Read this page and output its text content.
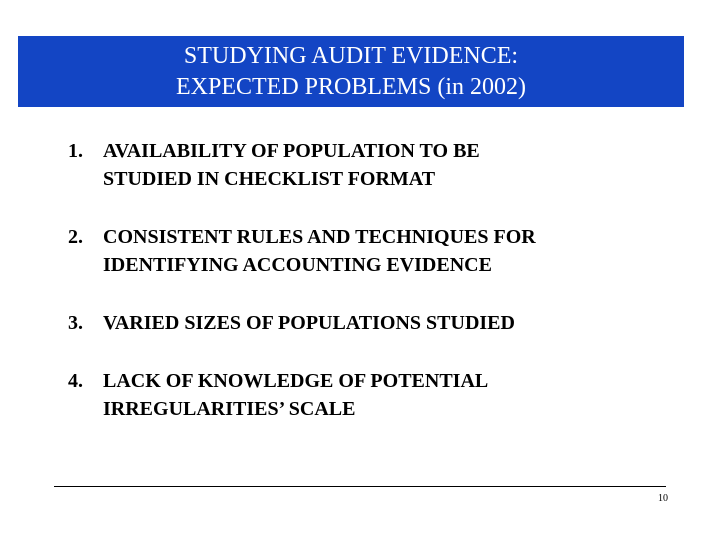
STUDYING AUDIT EVIDENCE:
EXPECTED PROBLEMS (in 2002)
1.	AVAILABILITY OF POPULATION TO BE
STUDIED IN CHECKLIST FORMAT
2.	CONSISTENT RULES AND TECHNIQUES FOR
IDENTIFYING ACCOUNTING EVIDENCE
3.	VARIED SIZES OF POPULATIONS STUDIED
4.	LACK OF KNOWLEDGE OF POTENTIAL
IRREGULARITIES’ SCALE
10
